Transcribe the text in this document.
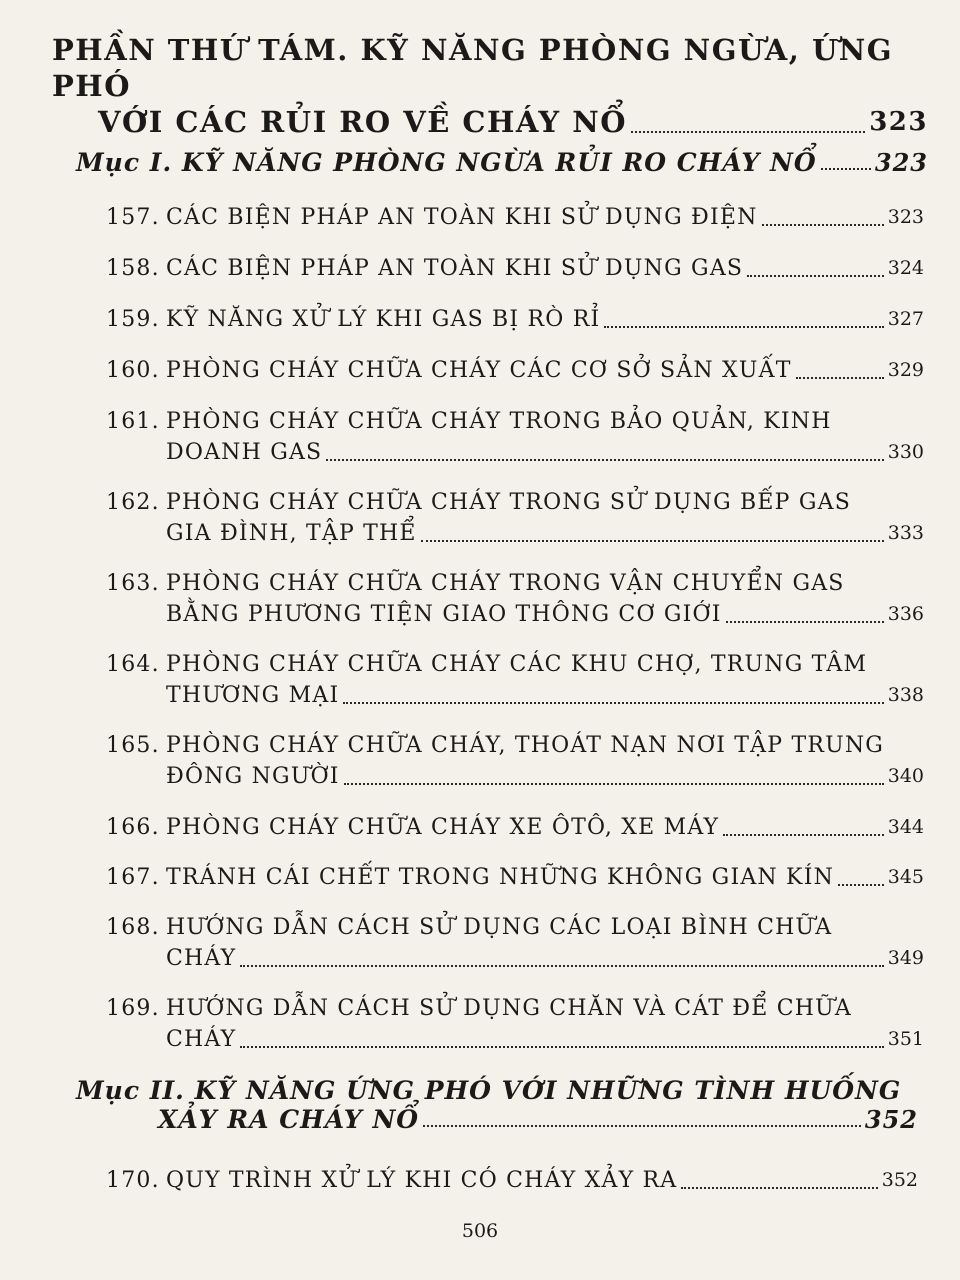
PHẦN THỨ TÁM. KỸ NĂNG PHÒNG NGỪA, ỨNG PHÓ
VỚI CÁC RỦI RO VỀ CHÁY NỔ	323
Mục I. KỸ NĂNG PHÒNG NGỪA RỦI RO CHÁY NỔ 323
157. CÁC BIỆN PHÁP AN TOÀN KHI SỬ DỤNG ĐIỆN	323
158. CÁC BIỆN PHÁP AN TOÀN KHI SỬ DỤNG GAS	324
159. KỸ NĂNG XỬ LÝ KHI GAS BỊ RÒ RỈ	327
160. PHÒNG CHÁY CHỮA CHÁY CÁC CƠ SỞ SẢN XUẤT	329
161. PHÒNG CHÁY CHỮA CHÁY TRONG BẢO QUẢN, KINH
DOANH GAS	330
162. PHÒNG CHÁY CHỮA CHÁY TRONG SỬ DỤNG BẾP GAS
GIA ĐÌNH, TẬP THỂ	333
163. PHÒNG CHÁY CHỮA CHÁY TRONG VẬN CHUYỂN GAS
BẰNG PHƯƠNG TIỆN GIAO THÔNG CƠ GIỚI	336
164. PHÒNG CHÁY CHỮA CHÁY CÁC KHU CHỢ, TRUNG TÂM
THƯƠNG MẠI	338
165. PHÒNG CHÁY CHỮA CHÁY, THOÁT NẠN NƠI TẬP TRUNG
ĐÔNG NGƯỜI	340
166. PHÒNG CHÁY CHỮA CHÁY XE ÔTÔ, XE MÁY	344
167. TRÁNH CÁI CHẾT TRONG NHỮNG KHÔNG GIAN KÍN	345
168. HƯỚNG DẪN CÁCH SỬ DỤNG CÁC LOẠI BÌNH CHỮA
CHÁY	349
169. HƯỚNG DẪN CÁCH SỬ DỤNG CHĂN VÀ CÁT ĐỂ CHỮA
CHÁY	351
Mục II. KỸ NĂNG ỨNG PHÓ VỚI NHỮNG TÌNH HUỐNG
XẢY RA CHÁY NỔ	352
170. QUY TRÌNH XỬ LÝ KHI CÓ CHÁY XẢY RA	352
506
